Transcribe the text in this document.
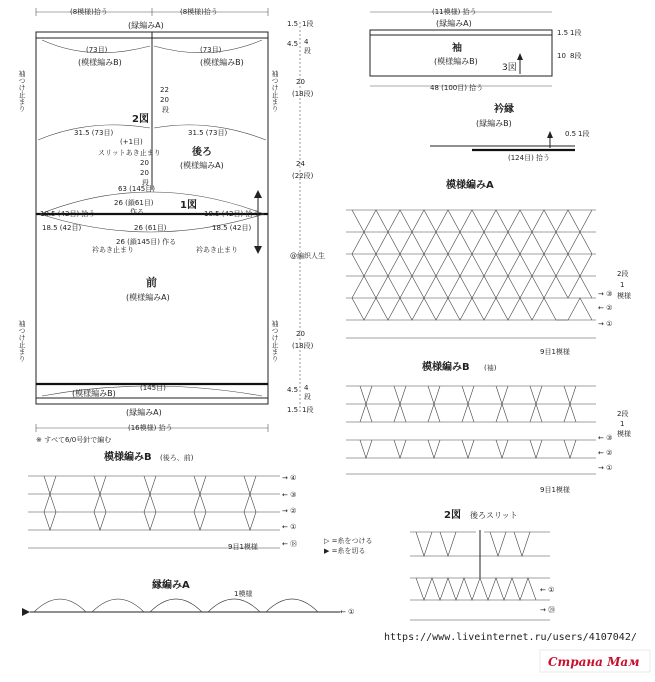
(8模様)拾う	(8模様)拾う
(縁編みA)
(73目)	(73目)
(模様編みB)	(模様編みB)
袖つけ止まり	袖つけ止まり
22
20
段
2図
31.5 (73目)	31.5 (73目)
(+1目)
スリットあき止まり	後ろ
(模様編みA)
20
20
段
63 (145目)
26 (鎖61目)
作る
1図
18.5 (42目) 拾う	18.5 (42目) 拾う
18.5 (42目)	26 (61目)	18.5 (42目)
26 (鎖145目) 作る
衿あき止まり	衿あき止まり
@編织人生
前
(模様編みA)
袖つけ止まり	袖つけ止まり
(145目)
(模様編みB)
(縁編みA)
(16模様) 拾う
※ すべて6/0号針で編む
1.5 1段
4.5 4
段
20
(18段)
24
(22段)
20
(18段)
4.5 4
段
1.5 1段
(11模様) 拾う
(縁編みA)
袖
(模様編みB)
3図
48 (100目) 拾う
1.5 1段
10 8段
衿縁
(縁編みB)
0.5 1段
(124目) 拾う
模様編みA
→ ③
← ②
→ ①
2段
1
模様
9目1模様
模様編みB (袖)
← ③
← ②
→ ①
2段
1
模様
9目1模様
模様編みB (後ろ、前)
→ ④
← ③
→ ②
← ①
← ⑱
9目1模様
▷ =糸をつける
▶ =糸を切る
縁編みA
1模様
← ①
2図 後ろスリット
← ①
→ ⑳
https://www.liveinternet.ru/users/4107042/
Страна Мам
